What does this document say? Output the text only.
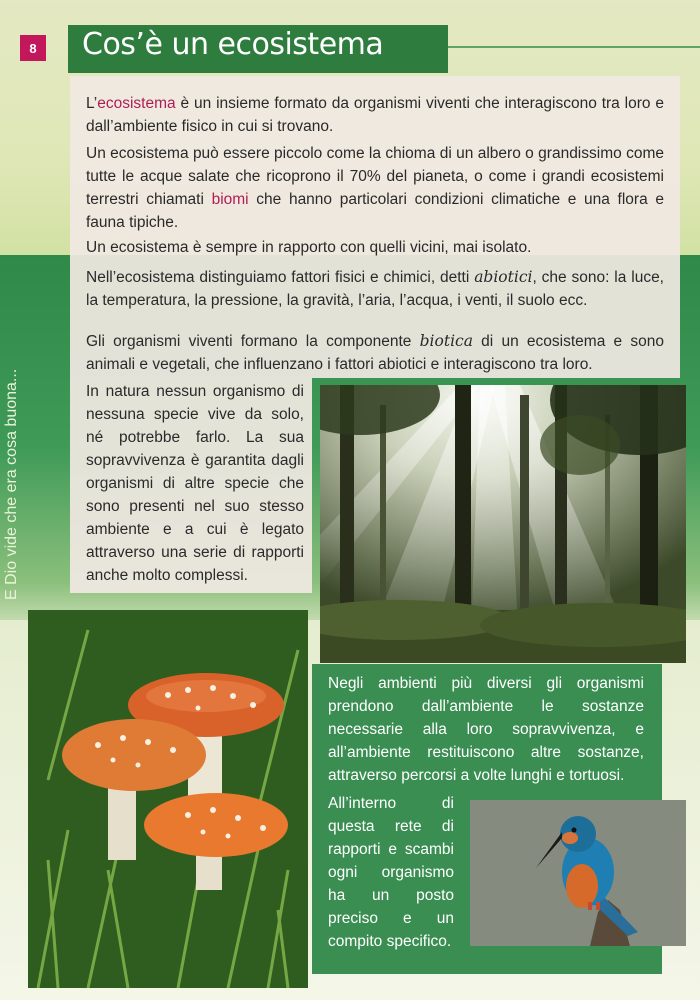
8	Cos’è un ecosistema
E Dio vide che era cosa buona...

L’ecosistema è un insieme formato da organismi viventi che interagiscono tra loro e dall’ambiente fisico in cui si trovano.

Un ecosistema può essere piccolo come la chioma di un albero o grandissimo come tutte le acque salate che ricoprono il 70% del pianeta, o come i grandi ecosistemi terrestri chiamati biomi che hanno particolari condizioni climatiche e una flora e fauna tipiche.

Un ecosistema è sempre in rapporto con quelli vicini, mai isolato.

Nell’ecosistema distinguiamo fattori fisici e chimici, detti abiotici, che sono: la luce, la temperatura, la pressione, la gravità, l’aria, l’acqua, i venti, il suolo ecc.

Gli organismi viventi formano la componente biotica di un ecosistema e sono animali e vegetali, che influenzano i fattori abiotici e interagiscono tra loro.

In natura nessun organismo di nessuna specie vive da solo, né potrebbe farlo. La sua sopravvivenza è garantita dagli organismi di altre specie che sono presenti nel suo stesso ambiente e a cui è legato attraverso una serie di rapporti anche molto complessi.

Negli ambienti più diversi gli organismi prendono dall’ambiente le sostanze necessarie alla loro sopravvivenza, e all’ambiente restituiscono altre sostanze, attraverso percorsi a volte lunghi e tortuosi.

All’interno di questa rete di rapporti e scambi ogni organismo ha un posto preciso e un compito specifico.
